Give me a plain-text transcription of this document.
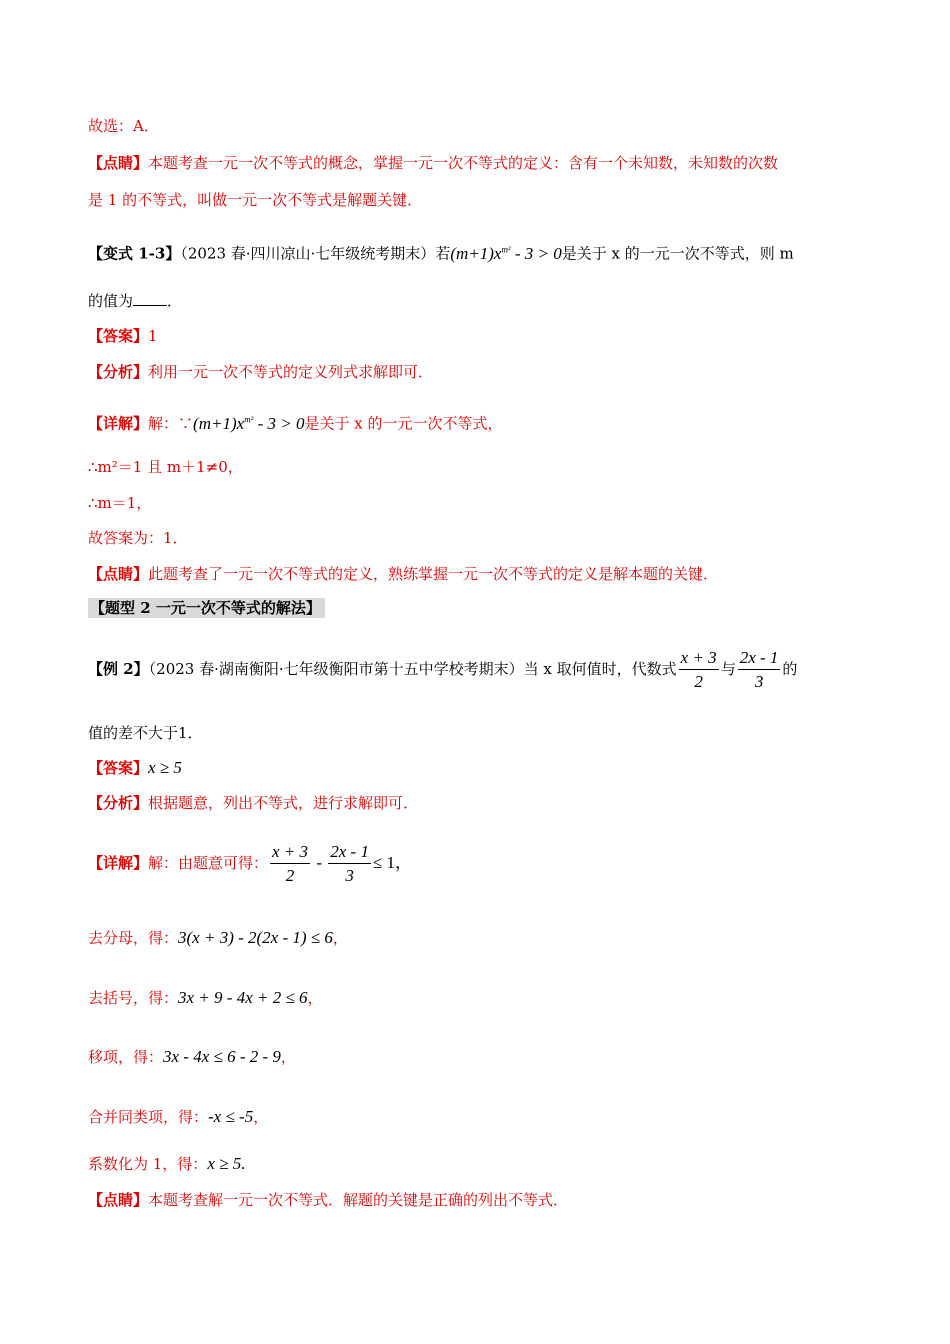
故选：A．
【点睛】本题考查一元一次不等式的概念，掌握一元一次不等式的定义：含有一个未知数，未知数的次数
是 1 的不等式，叫做一元一次不等式是解题关键．
【变式 1-3】（2023 春·四川凉山·七年级统考期末）若$(m+1)x^{m^2} - 3 > 0$是关于 x 的一元一次不等式，则 m
的值为 ．
【答案】1
【分析】利用一元一次不等式的定义列式求解即可．
【详解】解：$\because(m+1)x^{m^2} - 3 > 0$是关于 x 的一元一次不等式，
∴m²＝1 且 m＋1≠0，
∴m＝1，
故答案为：1．
【点睛】此题考查了一元一次不等式的定义，熟练掌握一元一次不等式的定义是解本题的关键．
【题型 2 一元一次不等式的解法】
【例 2】（2023 春·湖南衡阳·七年级衡阳市第十五中学校考期末）当 x 取何值时，代数式 $\frac{x + 3}{2}$ 与 $\frac{2x - 1}{3}$ 的
值的差不大于1．
【答案】x ≥ 5
【分析】根据题意，列出不等式，进行求解即可．
【详解】解：由题意可得： $\frac{x + 3}{2} - \frac{2x - 1}{3} \le 1$，
去分母，得：3(x + 3) - 2(2x - 1) ≤ 6，
去括号，得：3x + 9 - 4x + 2 ≤ 6，
移项，得：3x - 4x ≤ 6 - 2 - 9，
合并同类项，得：-x ≤ -5，
系数化为 1，得：x ≥ 5.
【点睛】本题考查解一元一次不等式．解题的关键是正确的列出不等式．
